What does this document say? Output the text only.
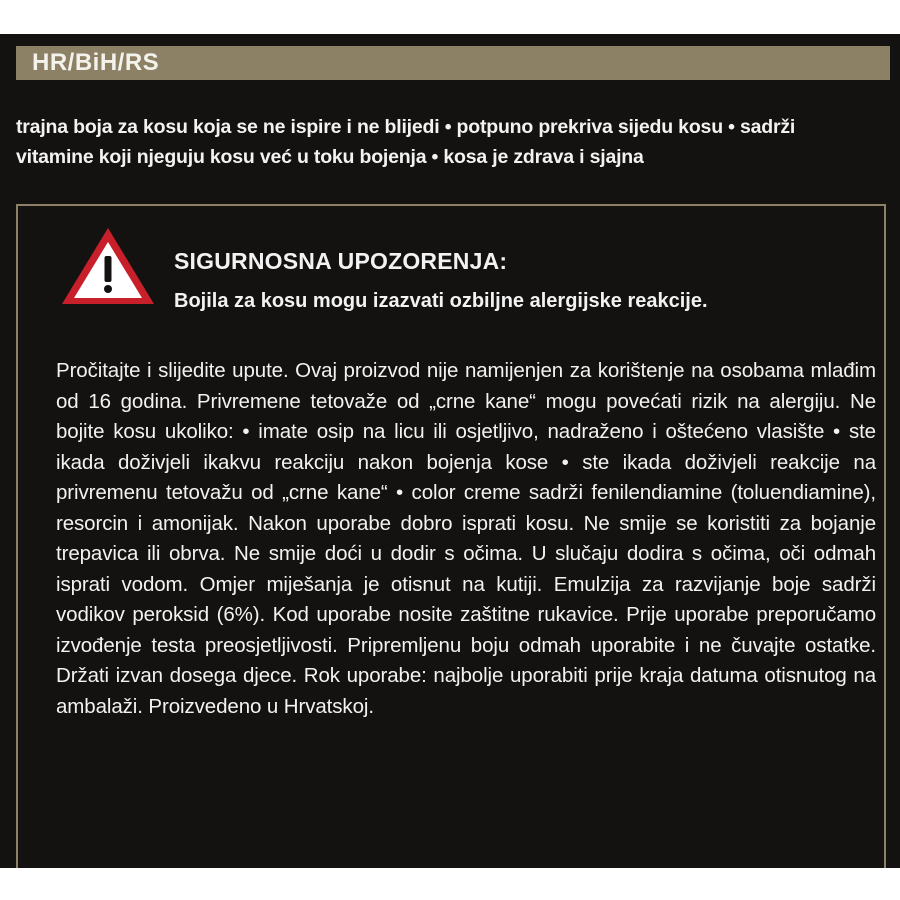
HR/BiH/RS
trajna boja za kosu koja se ne ispire i ne blijedi • potpuno prekriva sijedu kosu • sadrži vitamine koji njeguju kosu već u toku bojenja • kosa je zdrava i sjajna
SIGURNOSNA UPOZORENJA:
Bojila za kosu mogu izazvati ozbiljne alergijske reakcije.
Pročitajte i slijedite upute. Ovaj proizvod nije namijenjen za korištenje na osobama mlađim od 16 godina. Privremene tetovaže od „crne kane“ mogu povećati rizik na alergiju. Ne bojite kosu ukoliko: • imate osip na licu ili osjetljivo, nadraženo i oštećeno vlasište • ste ikada doživjeli ikakvu reakciju nakon bojenja kose • ste ikada doživjeli reakcije na privremenu tetovažu od „crne kane“ • color creme sadrži fenilendiamine (toluendiamine), resorcin i amonijak. Nakon uporabe dobro isprati kosu. Ne smije se koristiti za bojanje trepavica ili obrva. Ne smije doći u dodir s očima. U slučaju dodira s očima, oči odmah isprati vodom. Omjer miješanja je otisnut na kutiji. Emulzija za razvijanje boje sadrži vodikov peroksid (6%). Kod uporabe nosite zaštitne rukavice. Prije uporabe preporučamo izvođenje testa preosjetljivosti. Pripremljenu boju odmah uporabite i ne čuvajte ostatke. Držati izvan dosega djece. Rok uporabe: najbolje uporabiti prije kraja datuma otisnutog na ambalaži. Proizvedeno u Hrvatskoj.
